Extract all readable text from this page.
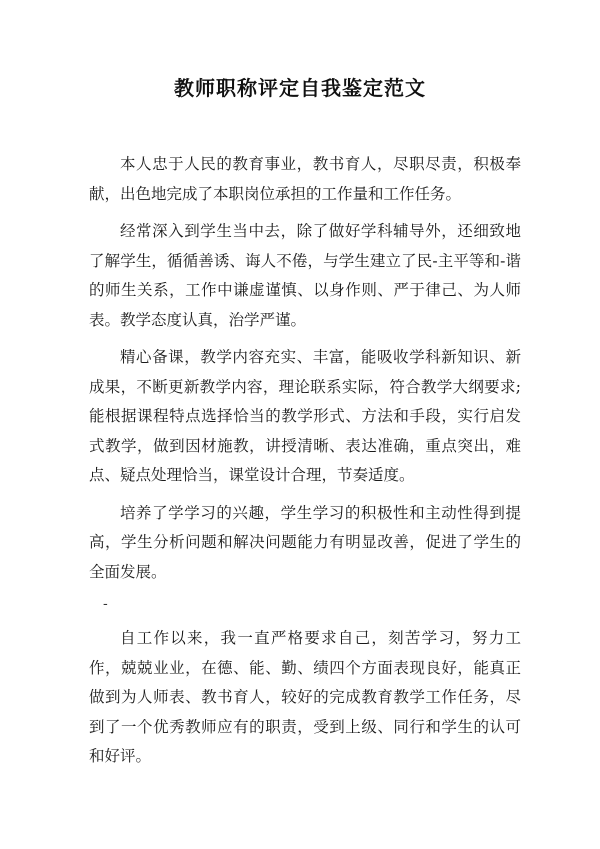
教师职称评定自我鉴定范文

本人忠于人民的教育事业，教书育人，尽职尽责，积极奉献，出色地完成了本职岗位承担的工作量和工作任务。

经常深入到学生当中去，除了做好学科辅导外，还细致地了解学生，循循善诱、诲人不倦，与学生建立了民-主平等和-谐的师生关系，工作中谦虚谨慎、以身作则、严于律己、为人师表。教学态度认真，治学严谨。

精心备课，教学内容充实、丰富，能吸收学科新知识、新成果，不断更新教学内容，理论联系实际，符合教学大纲要求;能根据课程特点选择恰当的教学形式、方法和手段，实行启发式教学，做到因材施教，讲授清晰、表达准确，重点突出，难点、疑点处理恰当，课堂设计合理，节奏适度。

培养了学学习的兴趣，学生学习的积极性和主动性得到提高，学生分析问题和解决问题能力有明显改善，促进了学生的全面发展。

-

自工作以来，我一直严格要求自己，刻苦学习，努力工作，兢兢业业，在德、能、勤、绩四个方面表现良好，能真正做到为人师表、教书育人，较好的完成教育教学工作任务，尽到了一个优秀教师应有的职责，受到上级、同行和学生的认可和好评。
